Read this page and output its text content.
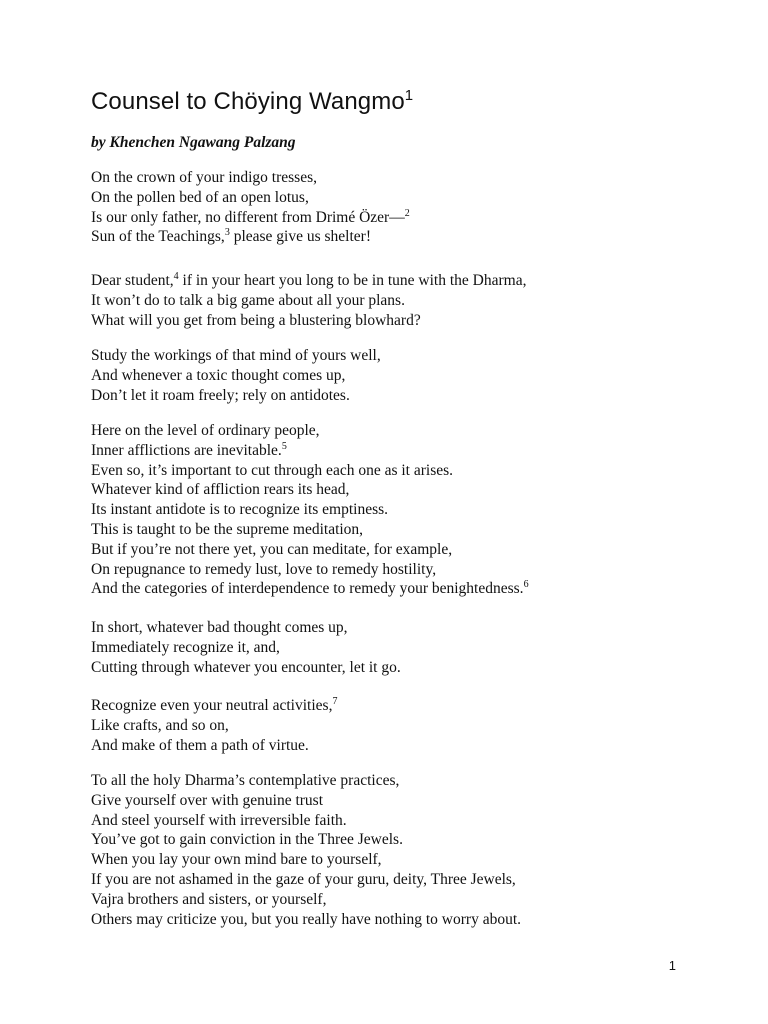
Counsel to Chöying Wangmo$^1$
by Khenchen Ngawang Palzang
On the crown of your indigo tresses,
On the pollen bed of an open lotus,
Is our only father, no different from Drimé Özer—$^2$
Sun of the Teachings,$^3$ please give us shelter!
Dear student,$^4$ if in your heart you long to be in tune with the Dharma,
It won’t do to talk a big game about all your plans.
What will you get from being a blustering blowhard?
Study the workings of that mind of yours well,
And whenever a toxic thought comes up,
Don’t let it roam freely; rely on antidotes.
Here on the level of ordinary people,
Inner afflictions are inevitable.$^5$
Even so, it’s important to cut through each one as it arises.
Whatever kind of affliction rears its head,
Its instant antidote is to recognize its emptiness.
This is taught to be the supreme meditation,
But if you’re not there yet, you can meditate, for example,
On repugnance to remedy lust, love to remedy hostility,
And the categories of interdependence to remedy your benightedness.$^6$
In short, whatever bad thought comes up,
Immediately recognize it, and,
Cutting through whatever you encounter, let it go.
Recognize even your neutral activities,$^7$
Like crafts, and so on,
And make of them a path of virtue.
To all the holy Dharma’s contemplative practices,
Give yourself over with genuine trust
And steel yourself with irreversible faith.
You’ve got to gain conviction in the Three Jewels.
When you lay your own mind bare to yourself,
If you are not ashamed in the gaze of your guru, deity, Three Jewels,
Vajra brothers and sisters, or yourself,
Others may criticize you, but you really have nothing to worry about.
1
